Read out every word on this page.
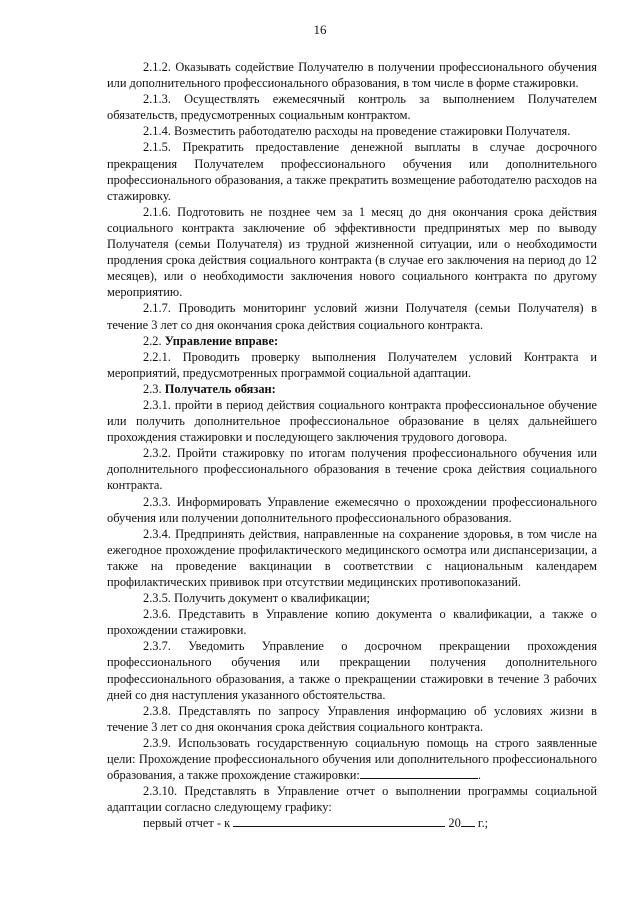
16

2.1.2. Оказывать содействие Получателю в получении профессионального обучения или дополнительного профессионального образования, в том числе в форме стажировки.

2.1.3. Осуществлять ежемесячный контроль за выполнением Получателем обязательств, предусмотренных социальным контрактом.

2.1.4. Возместить работодателю расходы на проведение стажировки Получателя.

2.1.5. Прекратить предоставление денежной выплаты в случае досрочного прекращения Получателем профессионального обучения или дополнительного профессионального образования, а также прекратить возмещение работодателю расходов на стажировку.

2.1.6. Подготовить не позднее чем за 1 месяц до дня окончания срока действия социального контракта заключение об эффективности предпринятых мер по выводу Получателя (семьи Получателя) из трудной жизненной ситуации, или о необходимости продления срока действия социального контракта (в случае его заключения на период до 12 месяцев), или о необходимости заключения нового социального контракта по другому мероприятию.

2.1.7. Проводить мониторинг условий жизни Получателя (семьи Получателя) в течение 3 лет со дня окончания срока действия социального контракта.

2.2. Управление вправе:

2.2.1. Проводить проверку выполнения Получателем условий Контракта и мероприятий, предусмотренных программой социальной адаптации.

2.3. Получатель обязан:

2.3.1. пройти в период действия социального контракта профессиональное обучение или получить дополнительное профессиональное образование в целях дальнейшего прохождения стажировки и последующего заключения трудового договора.

2.3.2. Пройти стажировку по итогам получения профессионального обучения или дополнительного профессионального образования в течение срока действия социального контракта.

2.3.3. Информировать Управление ежемесячно о прохождении профессионального обучения или получении дополнительного профессионального образования.

2.3.4. Предпринять действия, направленные на сохранение здоровья, в том числе на ежегодное прохождение профилактического медицинского осмотра или диспансеризации, а также на проведение вакцинации в соответствии с национальным календарем профилактических прививок при отсутствии медицинских противопоказаний.

2.3.5. Получить документ о квалификации;

2.3.6. Представить в Управление копию документа о квалификации, а также о прохождении стажировки.

2.3.7. Уведомить Управление о досрочном прекращении прохождения профессионального обучения или прекращении получения дополнительного профессионального образования, а также о прекращении стажировки в течение 3 рабочих дней со дня наступления указанного обстоятельства.

2.3.8. Представлять по запросу Управления информацию об условиях жизни в течение 3 лет со дня окончания срока действия социального контракта.

2.3.9. Использовать государственную социальную помощь на строго заявленные цели: Прохождение профессионального обучения или дополнительного профессионального образования, а также прохождение стажировки:	.

2.3.10. Представлять в Управление отчет о выполнении программы социальной адаптации согласно следующему графику:

первый отчет - к	20 г.;
